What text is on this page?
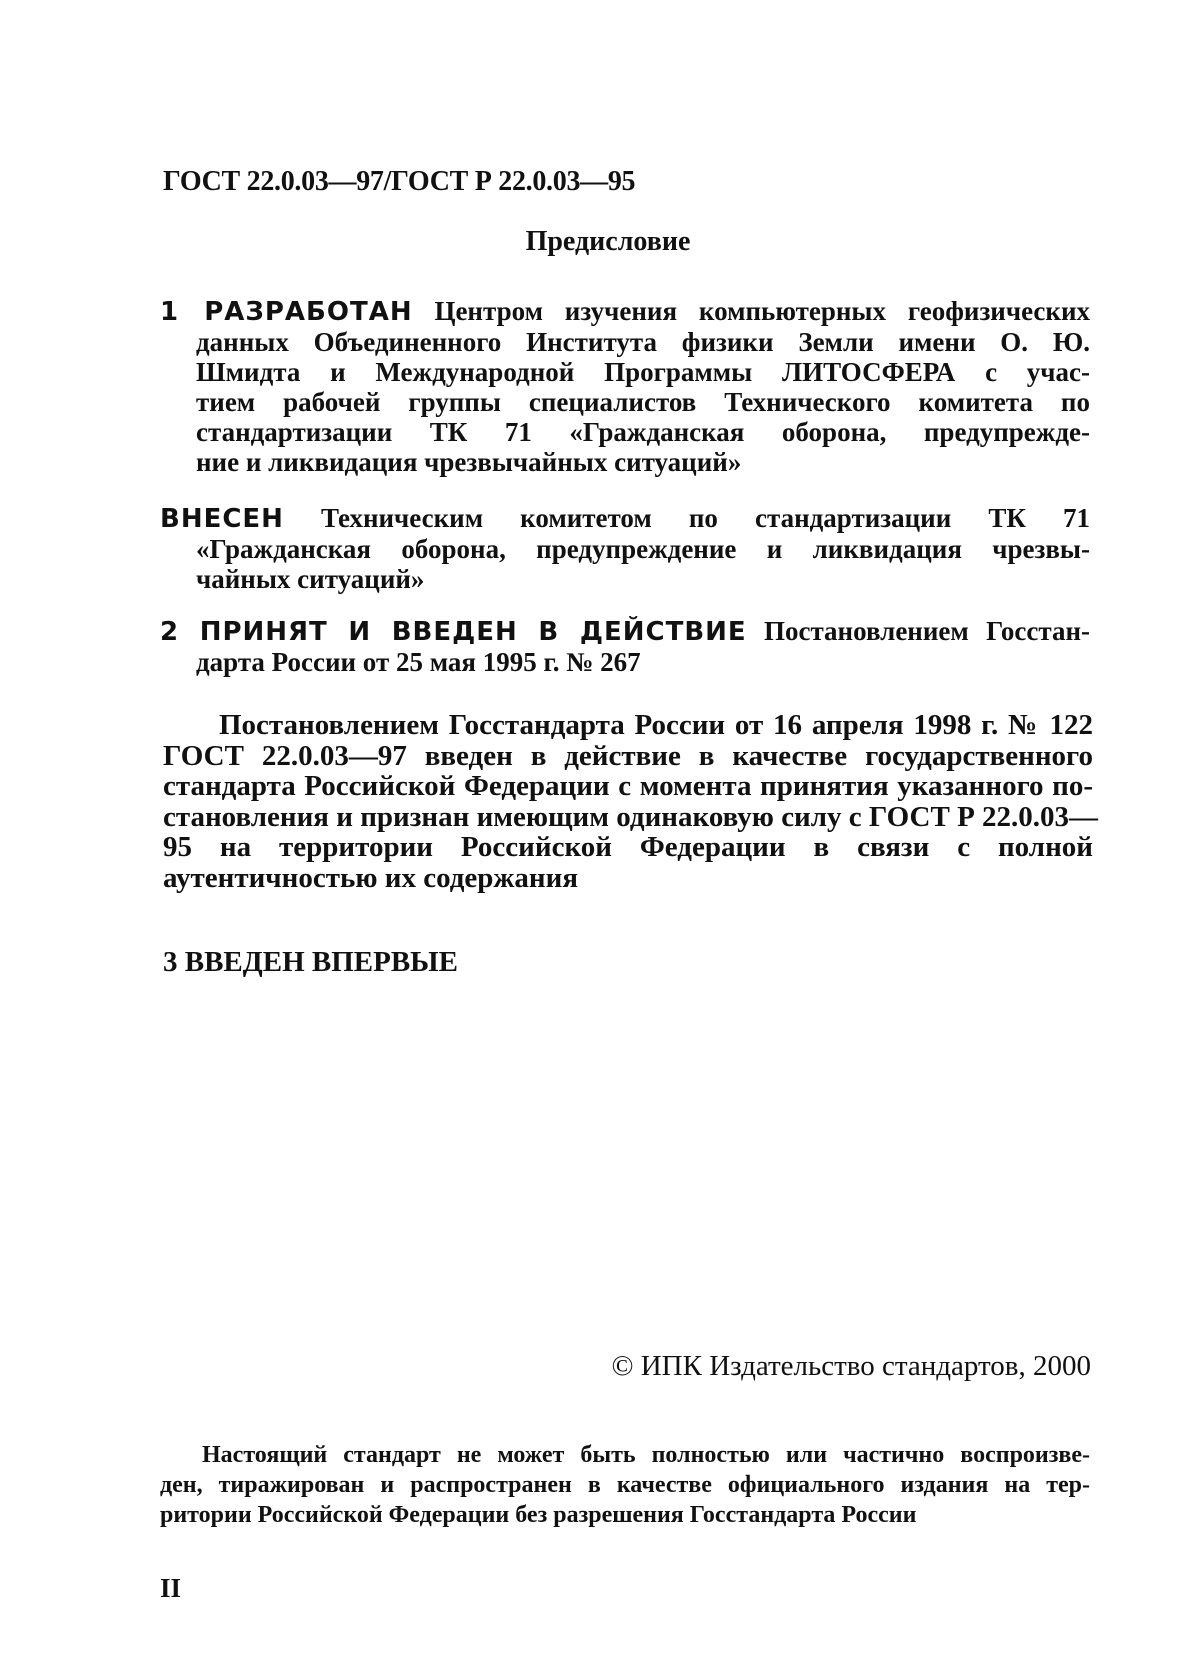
ГОСТ 22.0.03—97/ГОСТ Р 22.0.03—95
Предисловие
1 РАЗРАБОТАН Центром изучения компьютерных геофизических
данных Объединенного Института физики Земли имени О. Ю.
Шмидта и Международной Программы ЛИТОСФЕРА с учас-
тием рабочей группы специалистов Технического комитета по
стандартизации ТК 71 «Гражданская оборона, предупрежде-
ние и ликвидация чрезвычайных ситуаций»
ВНЕСЕН Техническим комитетом по стандартизации ТК 71
«Гражданская оборона, предупреждение и ликвидация чрезвы-
чайных ситуаций»
2 ПРИНЯТ И ВВЕДЕН В ДЕЙСТВИЕ Постановлением Госстан-
дарта России от 25 мая 1995 г. № 267
Постановлением Госстандарта России от 16 апреля 1998 г. № 122
ГОСТ 22.0.03—97 введен в действие в качестве государственного
стандарта Российской Федерации с момента принятия указанного по-
становления и признан имеющим одинаковую силу с ГОСТ Р 22.0.03—
95 на территории Российской Федерации в связи с полной
аутентичностью их содержания
3 ВВЕДЕН ВПЕРВЫЕ
© ИПК Издательство стандартов, 2000
Настоящий стандарт не может быть полностью или частично воспроизве-
ден, тиражирован и распространен в качестве официального издания на тер-
ритории Российской Федерации без разрешения Госстандарта России
II
